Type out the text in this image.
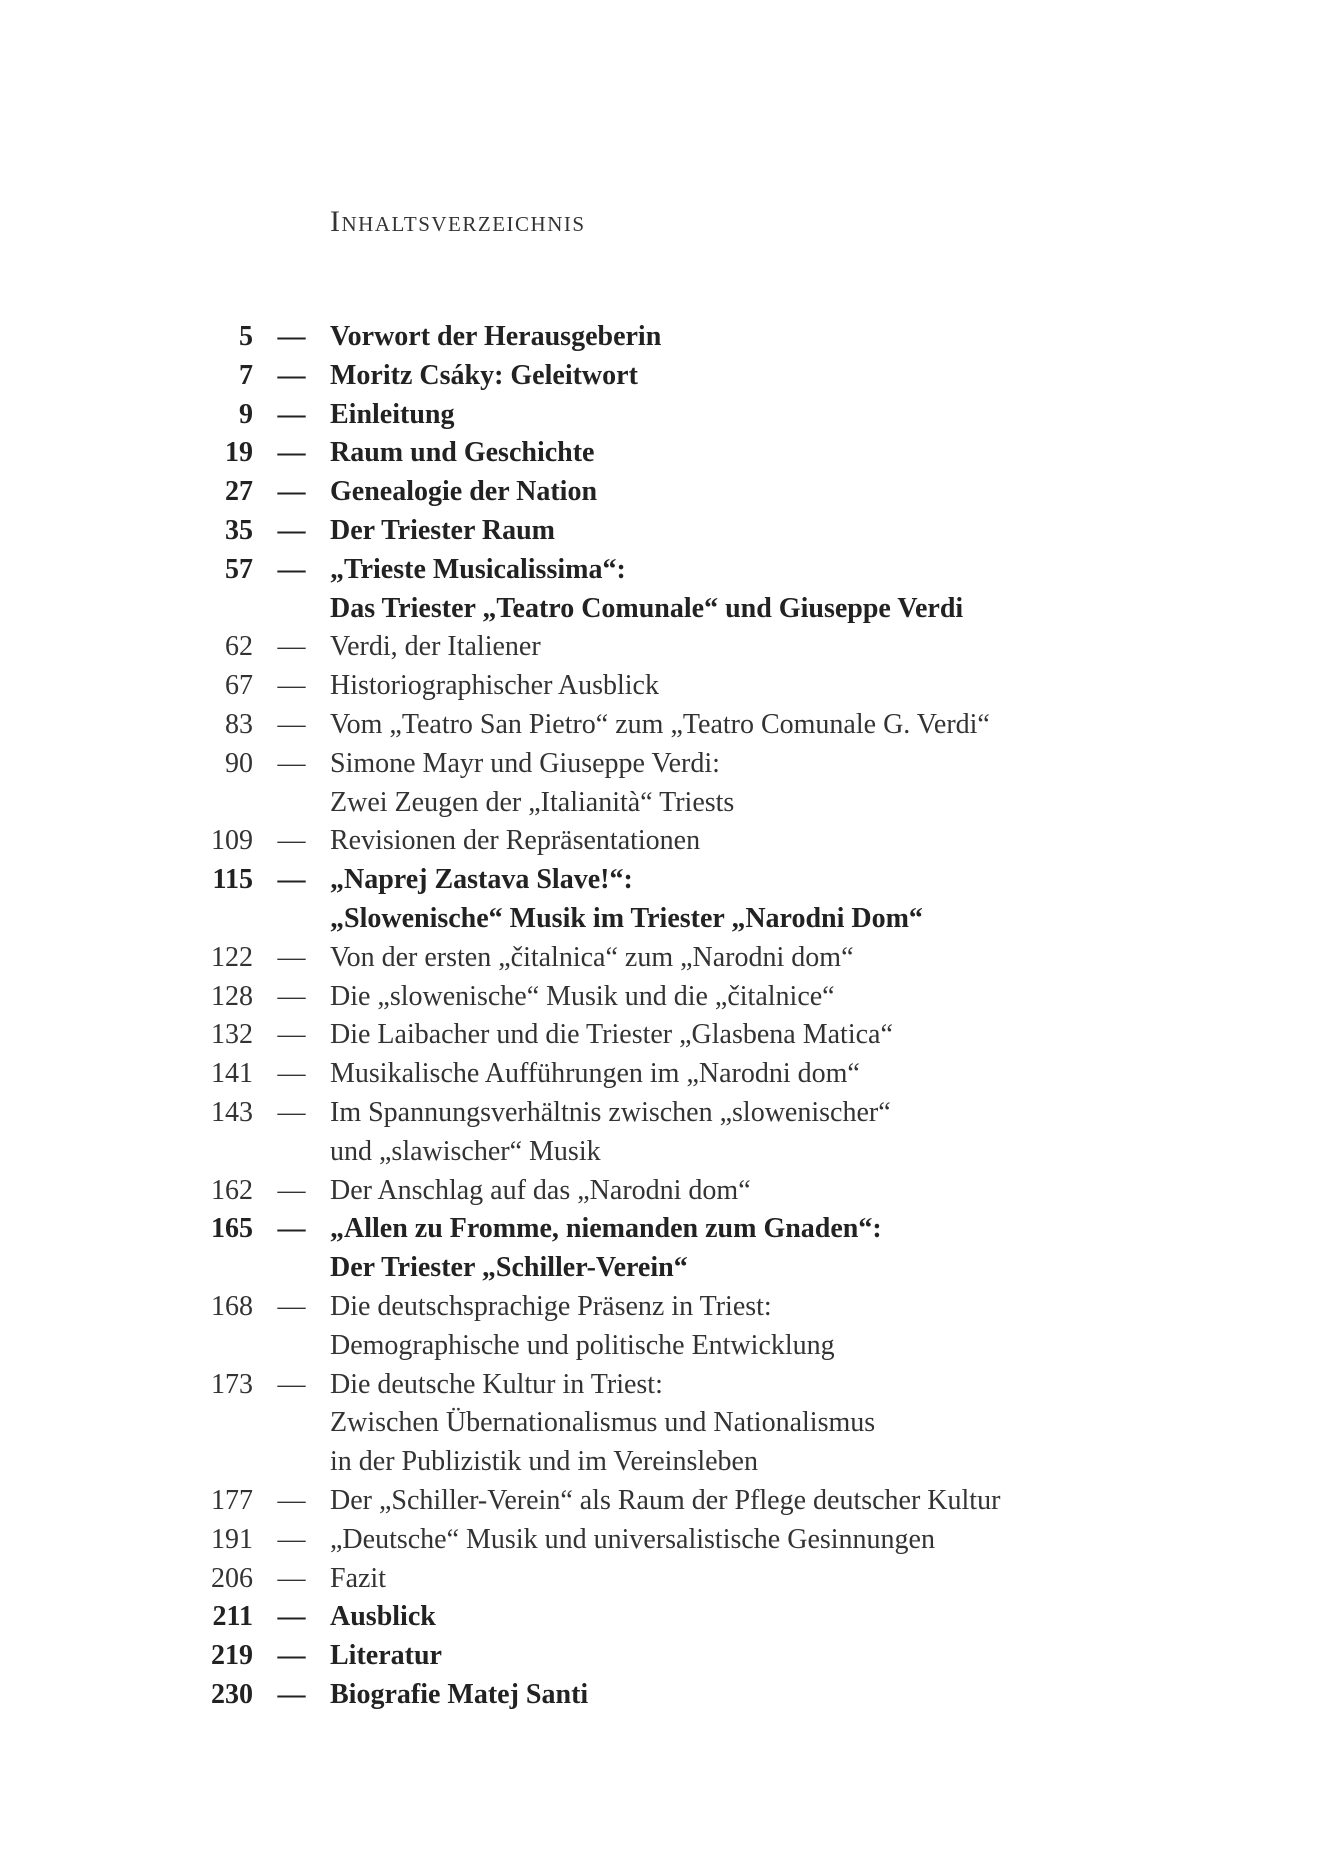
Inhaltsverzeichnis
5 — Vorwort der Herausgeberin
7 — Moritz Csáky: Geleitwort
9 — Einleitung
19 — Raum und Geschichte
27 — Genealogie der Nation
35 — Der Triester Raum
57 — „Trieste Musicalissima“:
Das Triester „Teatro Comunale“ und Giuseppe Verdi
62 — Verdi, der Italiener
67 — Historiographischer Ausblick
83 — Vom „Teatro San Pietro“ zum „Teatro Comunale G. Verdi“
90 — Simone Mayr und Giuseppe Verdi:
Zwei Zeugen der „Italianità“ Triests
109 — Revisionen der Repräsentationen
115 — „Naprej Zastava Slave!“:
„Slowenische“ Musik im Triester „Narodni Dom“
122 — Von der ersten „čitalnica“ zum „Narodni dom“
128 — Die „slowenische“ Musik und die „čitalnice“
132 — Die Laibacher und die Triester „Glasbena Matica“
141 — Musikalische Aufführungen im „Narodni dom“
143 — Im Spannungsverhältnis zwischen „slowenischer“
und „slawischer“ Musik
162 — Der Anschlag auf das „Narodni dom“
165 — „Allen zu Fromme, niemanden zum Gnaden“:
Der Triester „Schiller-Verein“
168 — Die deutschsprachige Präsenz in Triest:
Demographische und politische Entwicklung
173 — Die deutsche Kultur in Triest:
Zwischen Übernationalismus und Nationalismus
in der Publizistik und im Vereinsleben
177 — Der „Schiller-Verein“ als Raum der Pflege deutscher Kultur
191 — „Deutsche“ Musik und universalistische Gesinnungen
206 — Fazit
211 — Ausblick
219 — Literatur
230 — Biografie Matej Santi
